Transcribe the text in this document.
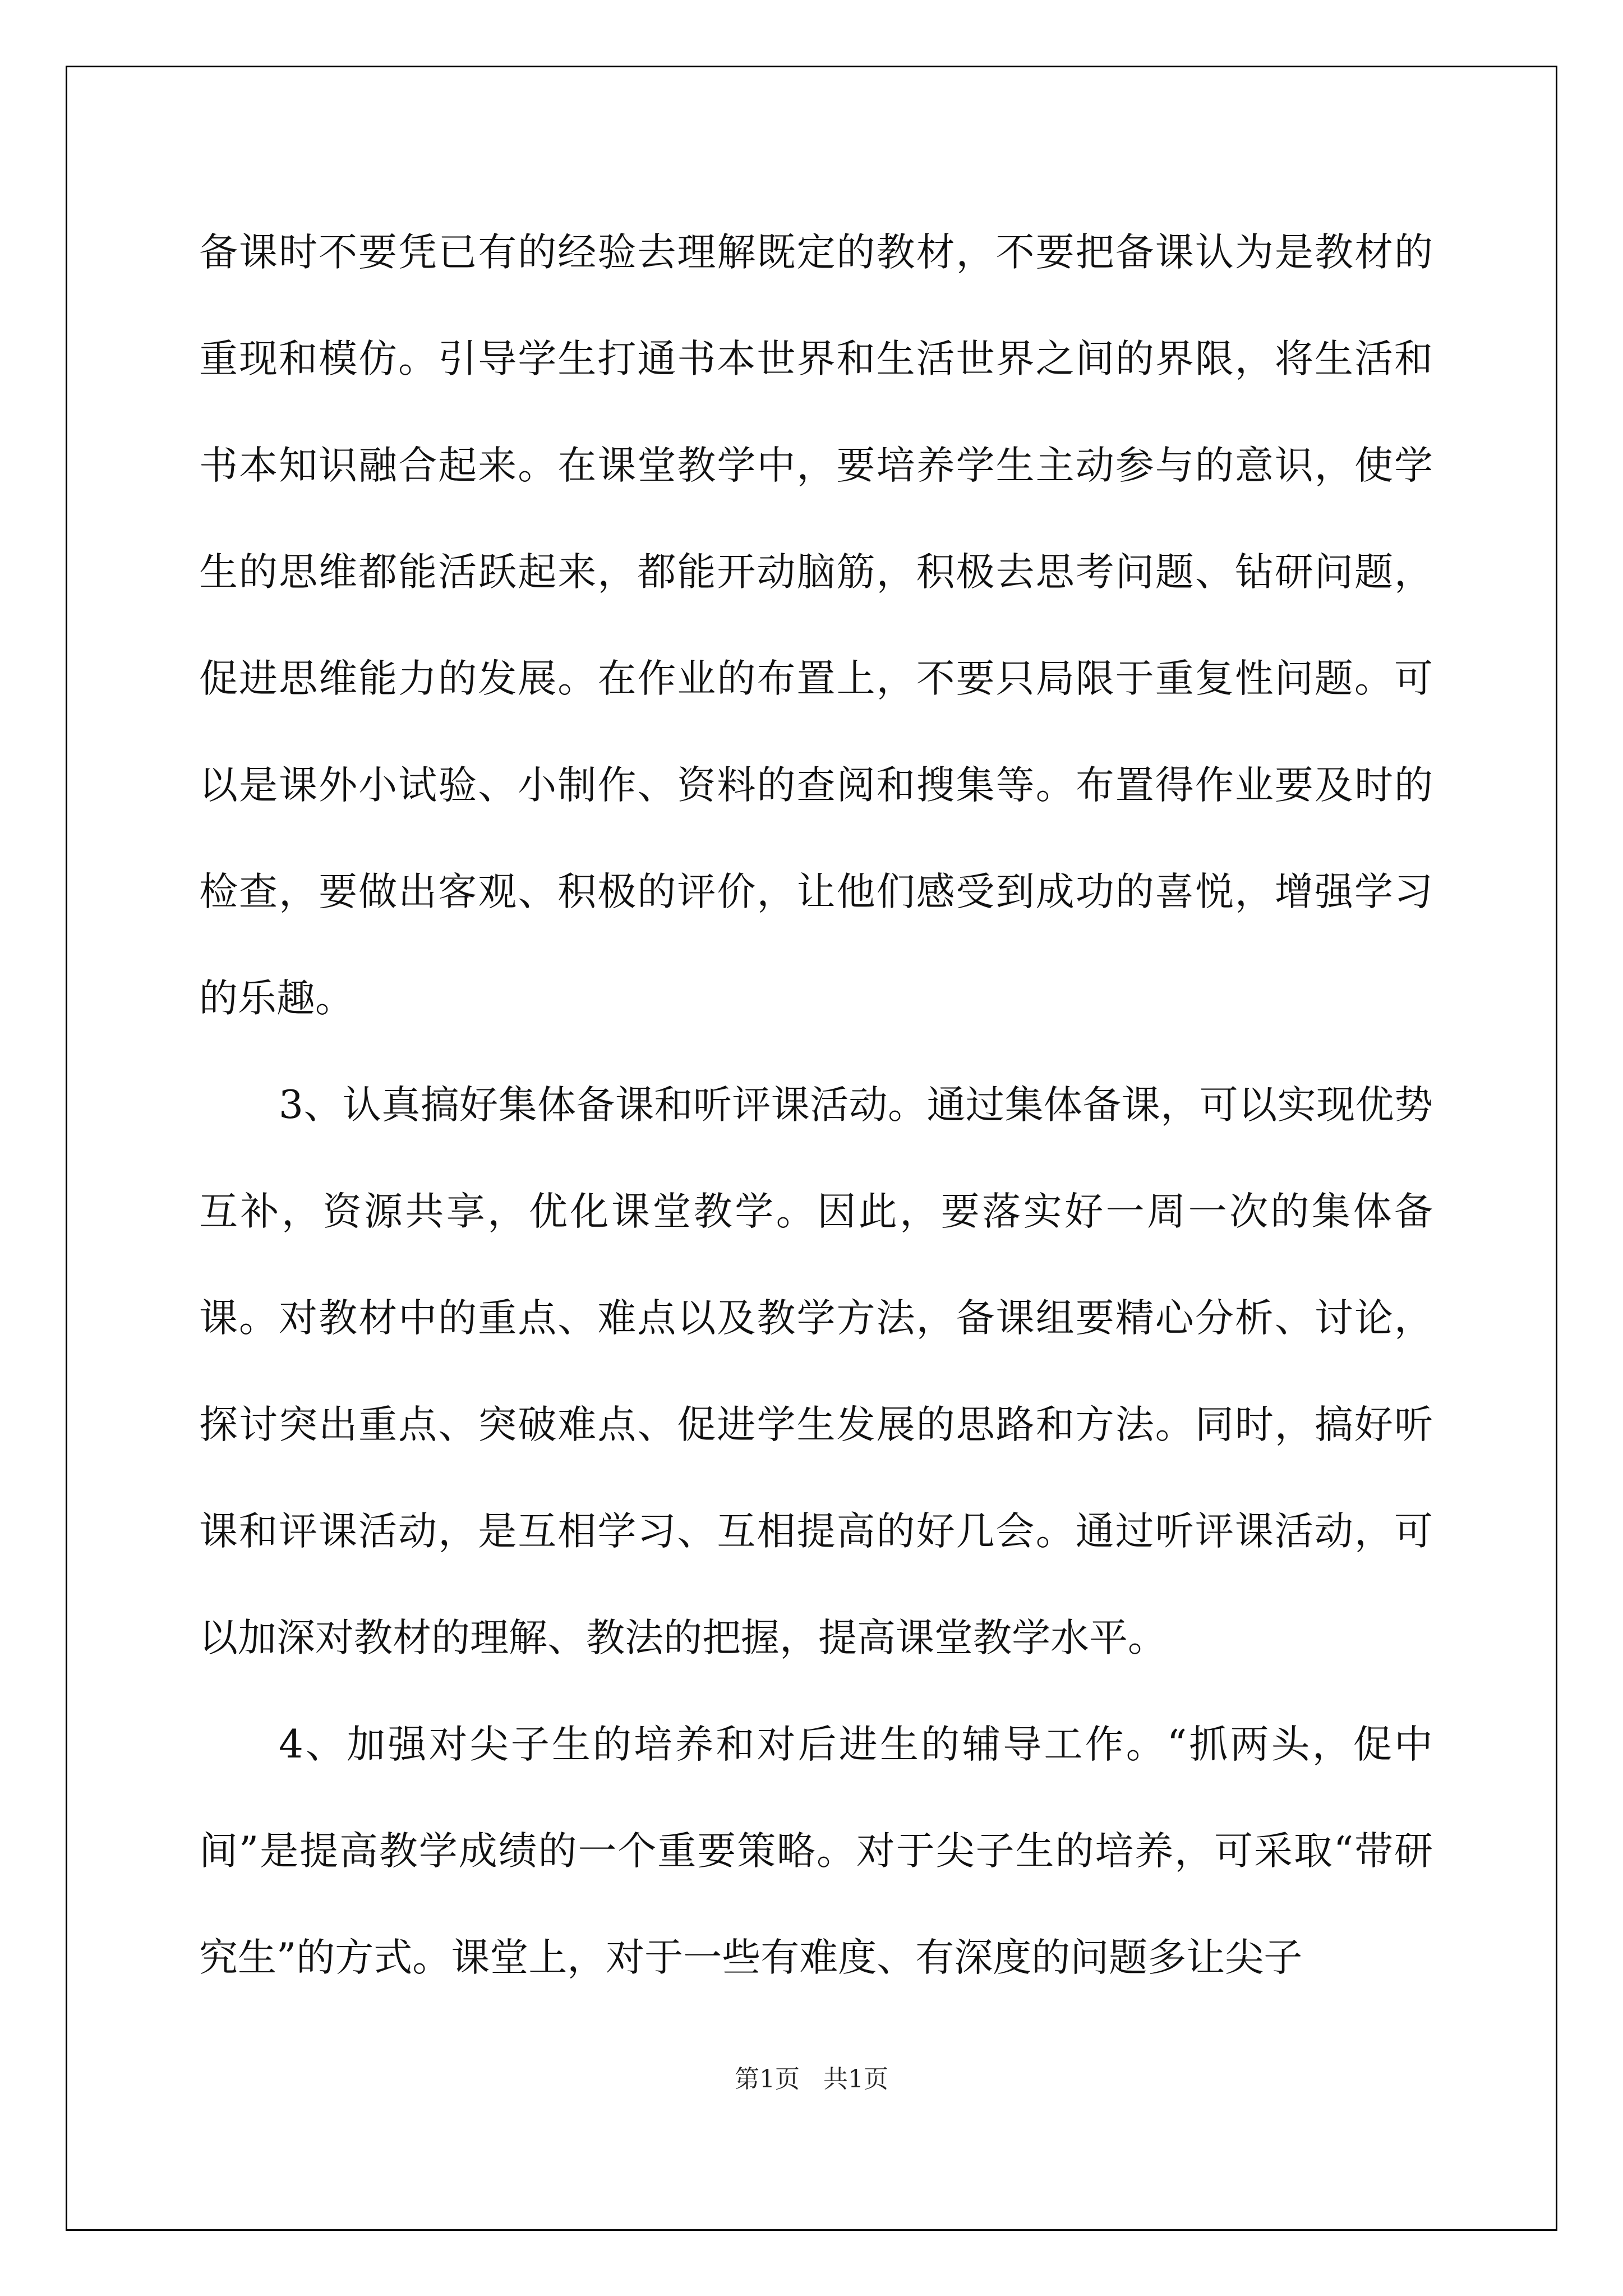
备课时不要凭已有的经验去理解既定的教材，不要把备课认为是教材的重现和模仿。引导学生打通书本世界和生活世界之间的界限，将生活和书本知识融合起来。在课堂教学中，要培养学生主动参与的意识，使学生的思维都能活跃起来，都能开动脑筋，积极去思考问题、钻研问题，促进思维能力的发展。在作业的布置上，不要只局限于重复性问题。可以是课外小试验、小制作、资料的查阅和搜集等。布置得作业要及时的检查，要做出客观、积极的评价，让他们感受到成功的喜悦，增强学习的乐趣。

3、认真搞好集体备课和听评课活动。通过集体备课，可以实现优势互补，资源共享，优化课堂教学。因此，要落实好一周一次的集体备课。对教材中的重点、难点以及教学方法，备课组要精心分析、讨论，探讨突出重点、突破难点、促进学生发展的思路和方法。同时，搞好听课和评课活动，是互相学习、互相提高的好几会。通过听评课活动，可以加深对教材的理解、教法的把握，提高课堂教学水平。

4、加强对尖子生的培养和对后进生的辅导工作。“抓两头，促中间”是提高教学成绩的一个重要策略。对于尖子生的培养，可采取“带研究生”的方式。课堂上，对于一些有难度、有深度的问题多让尖子

第1页   共1页
